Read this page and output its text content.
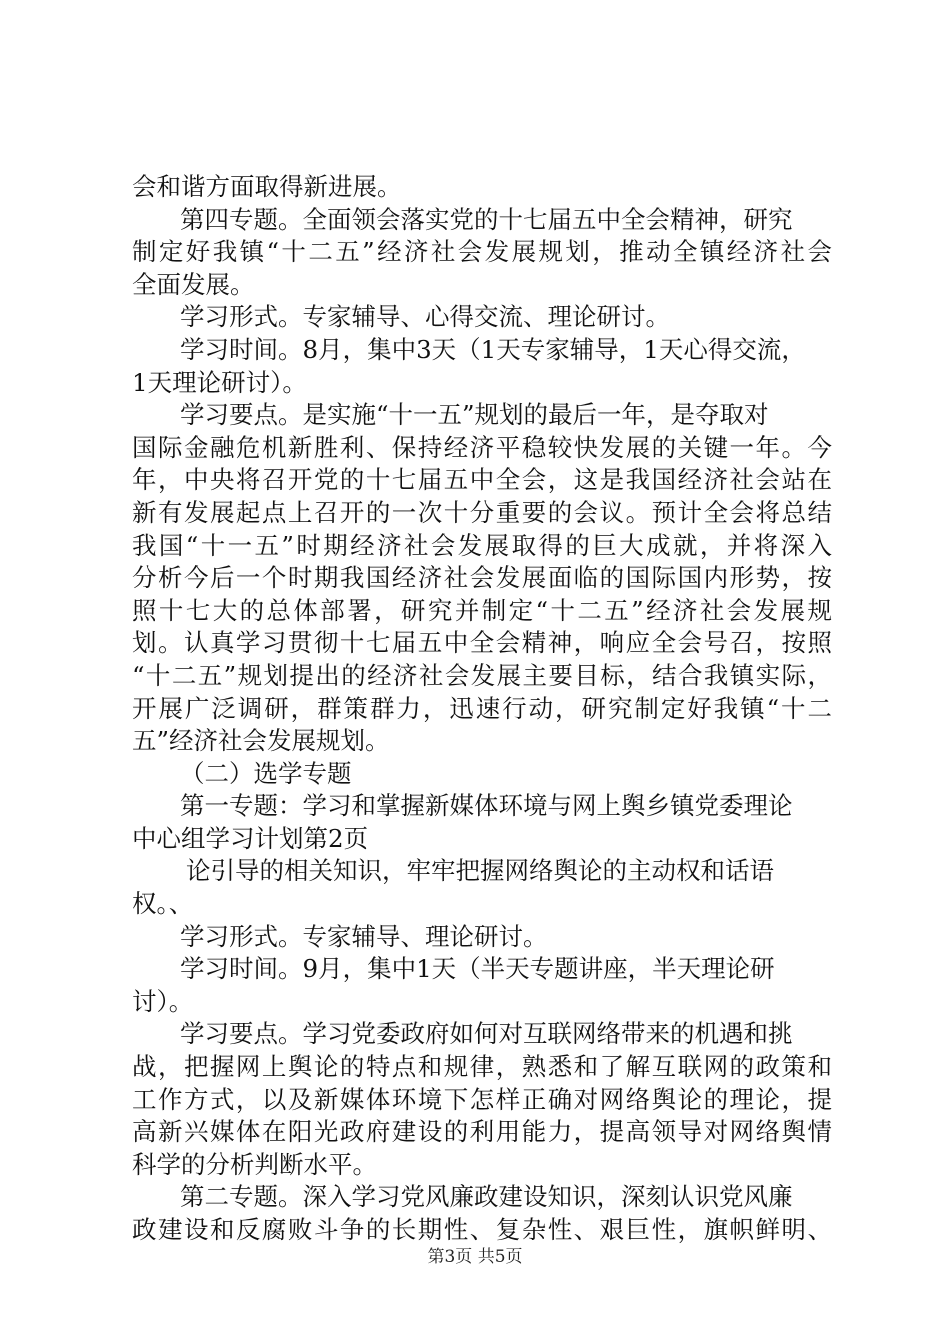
会和谐方面取得新进展。
第四专题。全面领会落实党的十七届五中全会精神，研究
制定好我镇“十二五”经济社会发展规划，推动全镇经济社会
全面发展。
学习形式。专家辅导、心得交流、理论研讨。
学习时间。8月，集中3天（1天专家辅导，1天心得交流，
1天理论研讨）。
学习要点。是实施“十一五”规划的最后一年，是夺取对
国际金融危机新胜利、保持经济平稳较快发展的关键一年。今
年，中央将召开党的十七届五中全会，这是我国经济社会站在
新有发展起点上召开的一次十分重要的会议。预计全会将总结
我国“十一五”时期经济社会发展取得的巨大成就，并将深入
分析今后一个时期我国经济社会发展面临的国际国内形势，按
照十七大的总体部署，研究并制定“十二五”经济社会发展规
划。认真学习贯彻十七届五中全会精神，响应全会号召，按照
“十二五”规划提出的经济社会发展主要目标，结合我镇实际，
开展广泛调研，群策群力，迅速行动，研究制定好我镇“十二
五”经济社会发展规划。
（二）选学专题
第一专题：学习和掌握新媒体环境与网上舆乡镇党委理论
中心组学习计划第2页
论引导的相关知识，牢牢把握网络舆论的主动权和话语
权。、
学习形式。专家辅导、理论研讨。
学习时间。9月，集中1天（半天专题讲座，半天理论研
讨）。
学习要点。学习党委政府如何对互联网络带来的机遇和挑
战，把握网上舆论的特点和规律，熟悉和了解互联网的政策和
工作方式，以及新媒体环境下怎样正确对网络舆论的理论，提
高新兴媒体在阳光政府建设的利用能力，提高领导对网络舆情
科学的分析判断水平。
第二专题。深入学习党风廉政建设知识，深刻认识党风廉
政建设和反腐败斗争的长期性、复杂性、艰巨性，旗帜鲜明、
第3页 共5页
